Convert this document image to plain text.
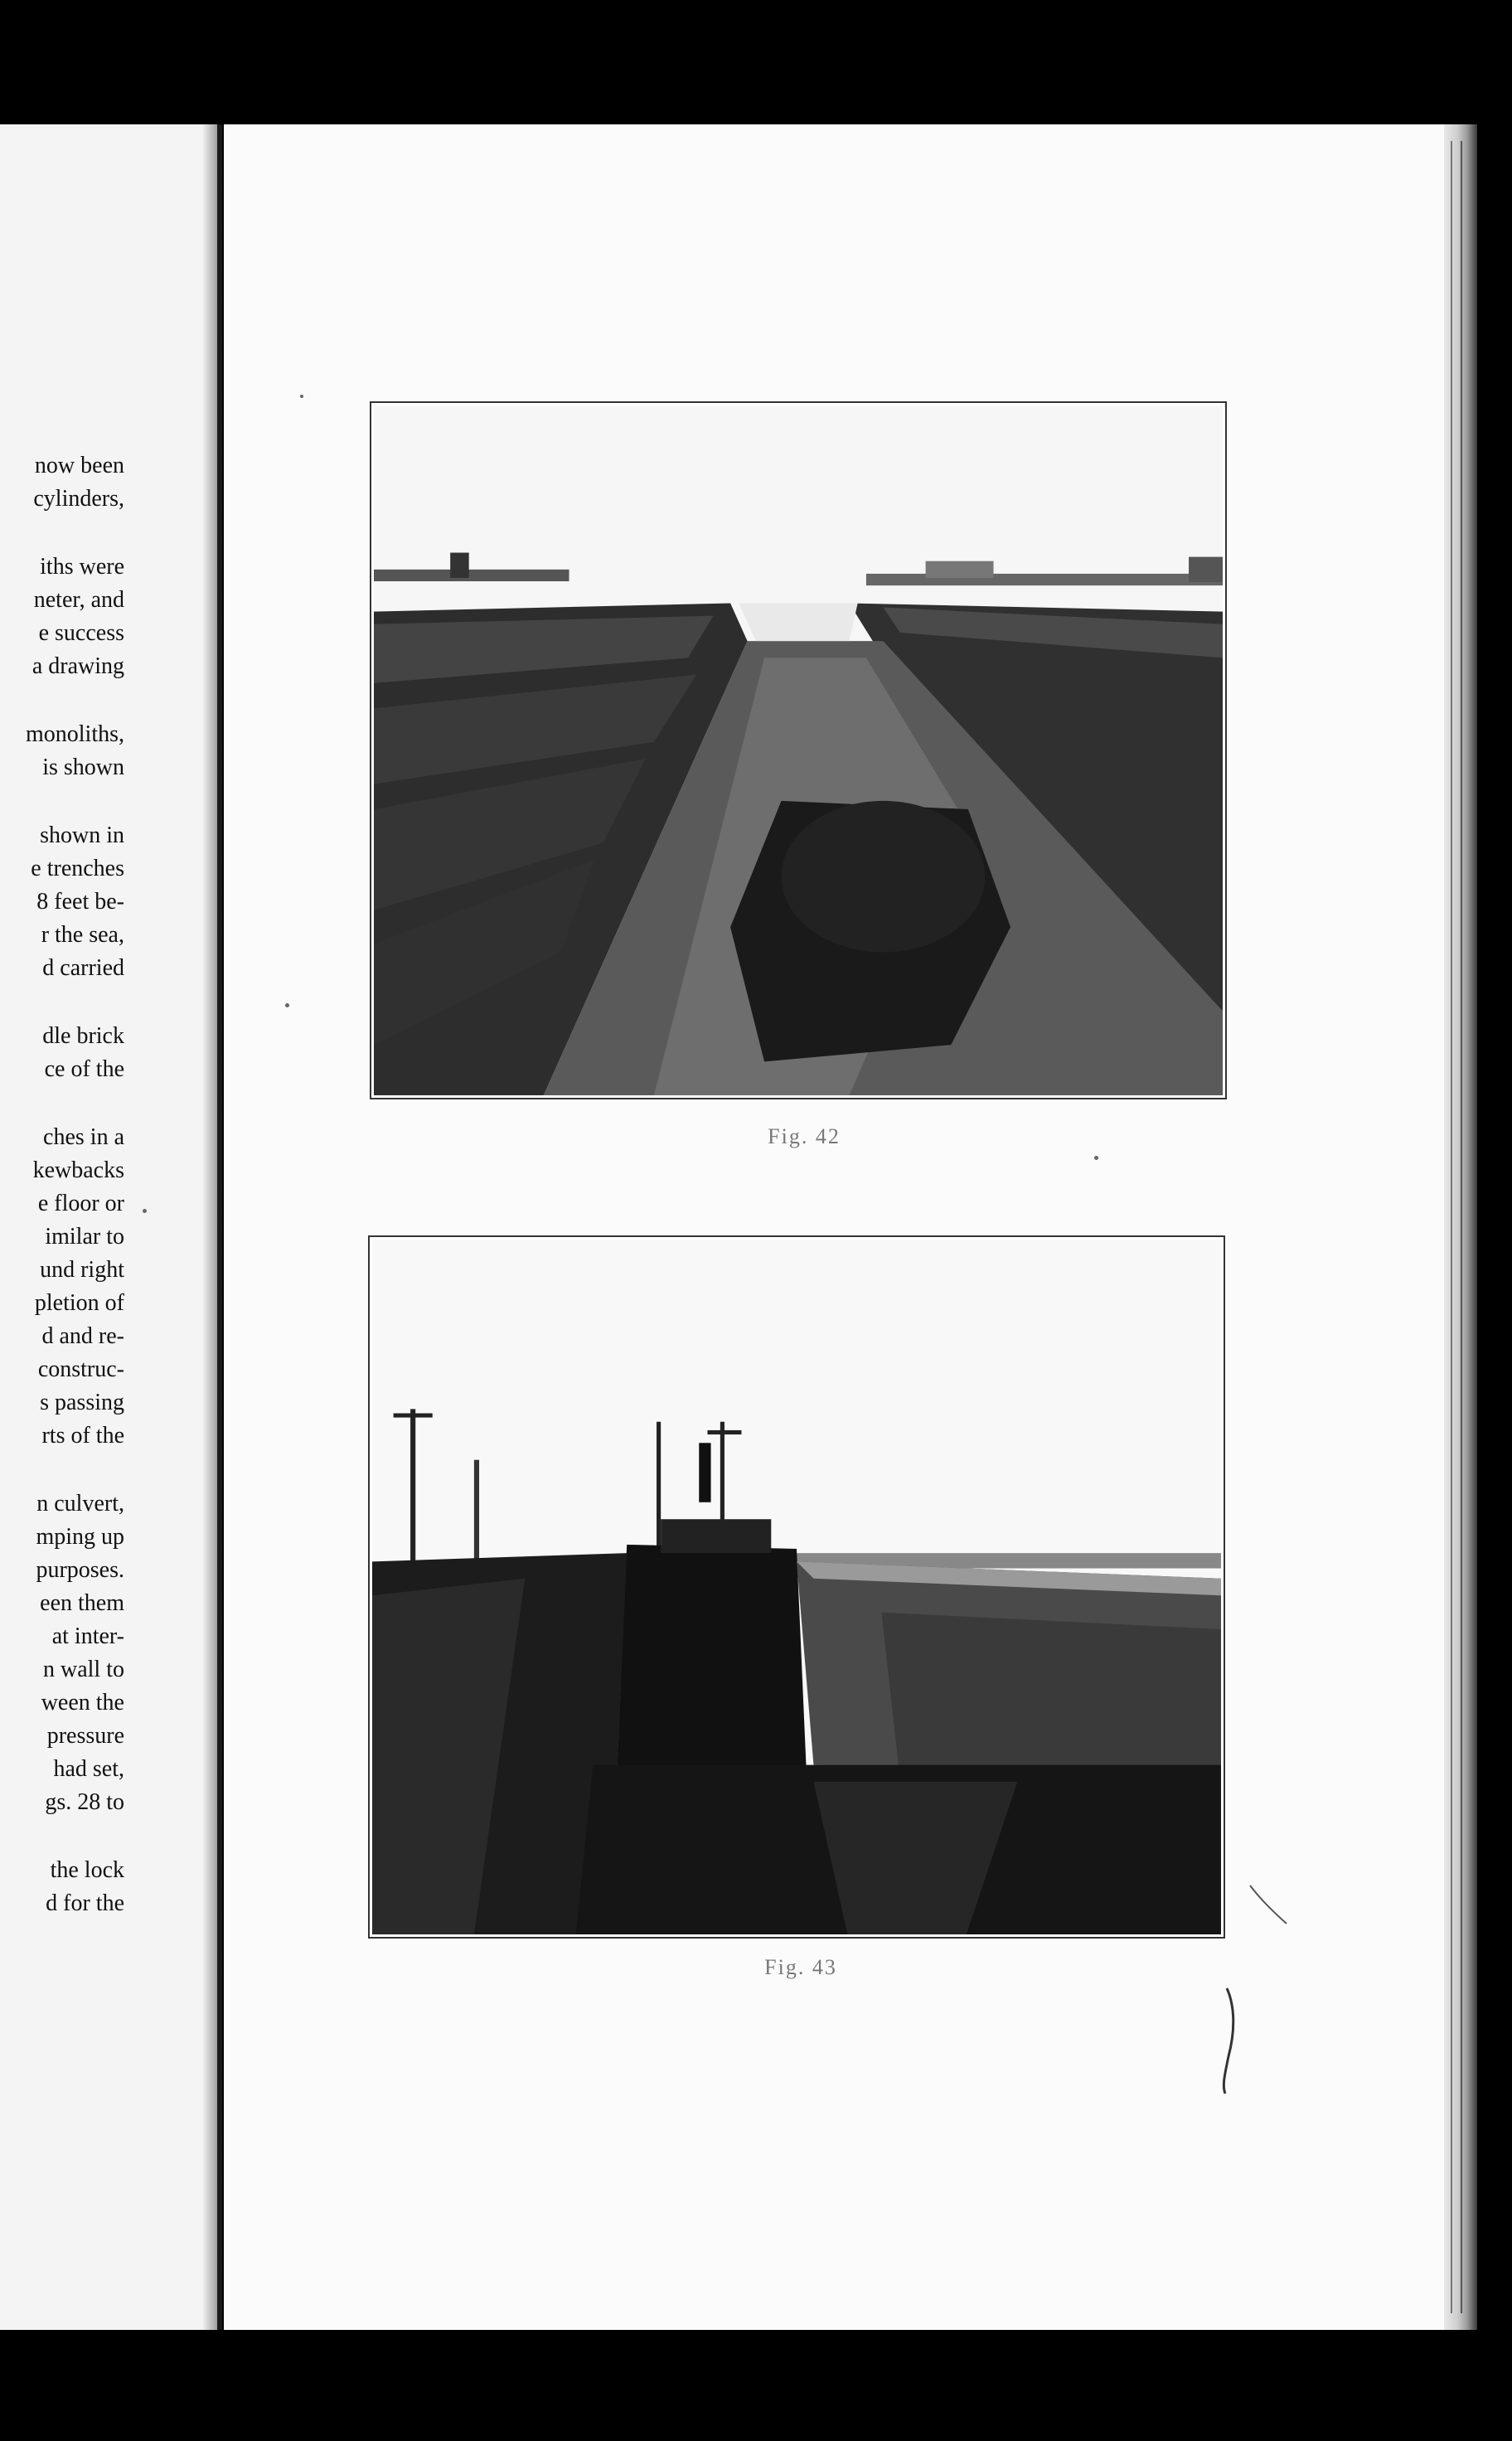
now been
cylinders,
iths were
neter, and
e success
a drawing
monoliths,
is shown
shown in
e trenches
8 feet be-
r the sea,
d carried
dle brick
ce of the
ches in a
kewbacks
e floor or
imilar to
und right
pletion of
d and re-
construc-
s passing
rts of the
n culvert,
mping up
purposes.
een them
at inter-
n wall to
ween the
pressure
had set,
gs. 28 to
the lock
d for the
Fig. 42
Fig. 43
